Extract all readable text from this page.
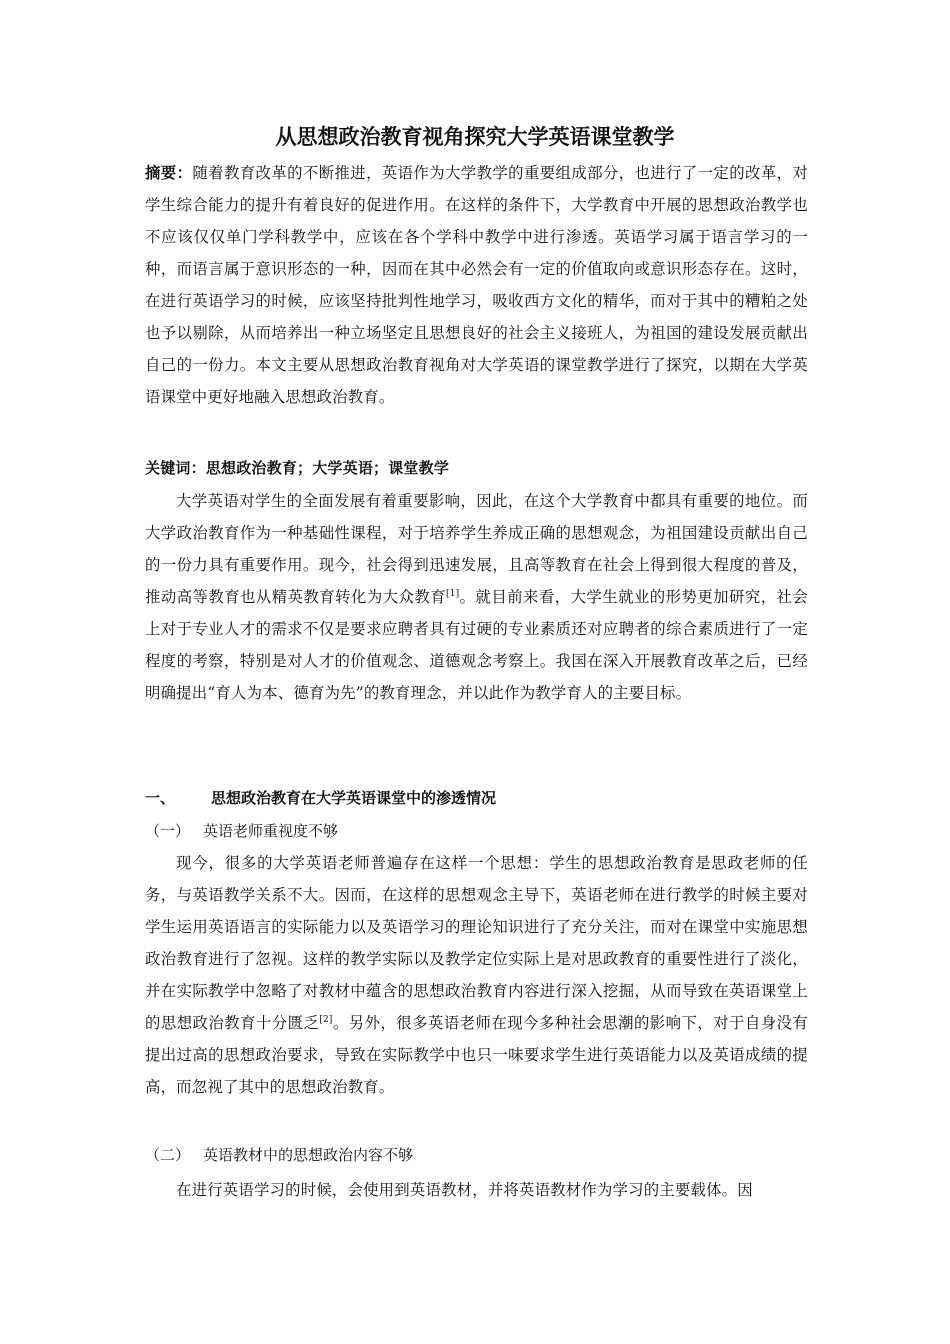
从思想政治教育视角探究大学英语课堂教学
摘要：随着教育改革的不断推进，英语作为大学教学的重要组成部分，也进行了一定的改革，对学生综合能力的提升有着良好的促进作用。在这样的条件下，大学教育中开展的思想政治教学也不应该仅仅单门学科教学中，应该在各个学科中教学中进行渗透。英语学习属于语言学习的一种，而语言属于意识形态的一种，因而在其中必然会有一定的价值取向或意识形态存在。这时，在进行英语学习的时候，应该坚持批判性地学习，吸收西方文化的精华，而对于其中的糟粕之处也予以剔除，从而培养出一种立场坚定且思想良好的社会主义接班人，为祖国的建设发展贡献出自己的一份力。本文主要从思想政治教育视角对大学英语的课堂教学进行了探究，以期在大学英语课堂中更好地融入思想政治教育。
关键词：思想政治教育；大学英语；课堂教学
大学英语对学生的全面发展有着重要影响，因此，在这个大学教育中都具有重要的地位。而大学政治教育作为一种基础性课程，对于培养学生养成正确的思想观念，为祖国建设贡献出自己的一份力具有重要作用。现今，社会得到迅速发展，且高等教育在社会上得到很大程度的普及，推动高等教育也从精英教育转化为大众教育[1]。就目前来看，大学生就业的形势更加研究，社会上对于专业人才的需求不仅是要求应聘者具有过硬的专业素质还对应聘者的综合素质进行了一定程度的考察，特别是对人才的价值观念、道德观念考察上。我国在深入开展教育改革之后，已经明确提出“育人为本、德育为先”的教育理念，并以此作为教学育人的主要目标。
一、 思想政治教育在大学英语课堂中的渗透情况
（一） 英语老师重视度不够
现今，很多的大学英语老师普遍存在这样一个思想：学生的思想政治教育是思政老师的任务，与英语教学关系不大。因而，在这样的思想观念主导下，英语老师在进行教学的时候主要对学生运用英语语言的实际能力以及英语学习的理论知识进行了充分关注，而对在课堂中实施思想政治教育进行了忽视。这样的教学实际以及教学定位实际上是对思政教育的重要性进行了淡化，并在实际教学中忽略了对教材中蕴含的思想政治教育内容进行深入挖掘，从而导致在英语课堂上的思想政治教育十分匮乏[2]。另外，很多英语老师在现今多种社会思潮的影响下，对于自身没有提出过高的思想政治要求，导致在实际教学中也只一味要求学生进行英语能力以及英语成绩的提高，而忽视了其中的思想政治教育。
（二） 英语教材中的思想政治内容不够
在进行英语学习的时候，会使用到英语教材，并将英语教材作为学习的主要载体。因
